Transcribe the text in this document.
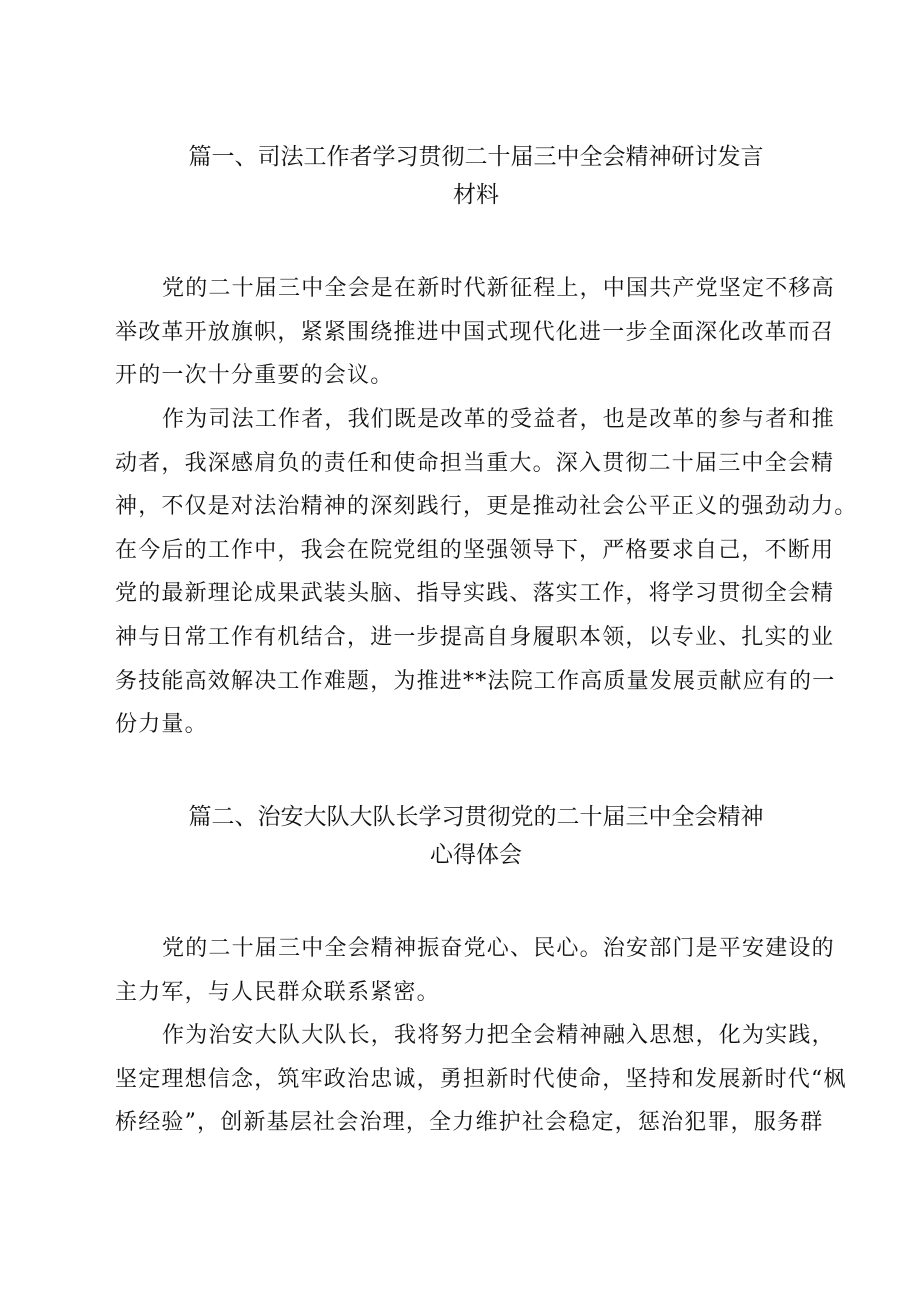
篇一、司法工作者学习贯彻二十届三中全会精神研讨发言
材料
党的二十届三中全会是在新时代新征程上，中国共产党坚定不移高
举改革开放旗帜，紧紧围绕推进中国式现代化进一步全面深化改革而召
开的一次十分重要的会议。
作为司法工作者，我们既是改革的受益者，也是改革的参与者和推
动者，我深感肩负的责任和使命担当重大。深入贯彻二十届三中全会精
神，不仅是对法治精神的深刻践行，更是推动社会公平正义的强劲动力。
在今后的工作中，我会在院党组的坚强领导下，严格要求自己，不断用
党的最新理论成果武装头脑、指导实践、落实工作，将学习贯彻全会精
神与日常工作有机结合，进一步提高自身履职本领，以专业、扎实的业
务技能高效解决工作难题，为推进**法院工作高质量发展贡献应有的一
份力量。
篇二、治安大队大队长学习贯彻党的二十届三中全会精神
心得体会
党的二十届三中全会精神振奋党心、民心。治安部门是平安建设的
主力军，与人民群众联系紧密。
作为治安大队大队长，我将努力把全会精神融入思想，化为实践，
坚定理想信念，筑牢政治忠诚，勇担新时代使命，坚持和发展新时代“枫
桥经验”，创新基层社会治理，全力维护社会稳定，惩治犯罪，服务群
